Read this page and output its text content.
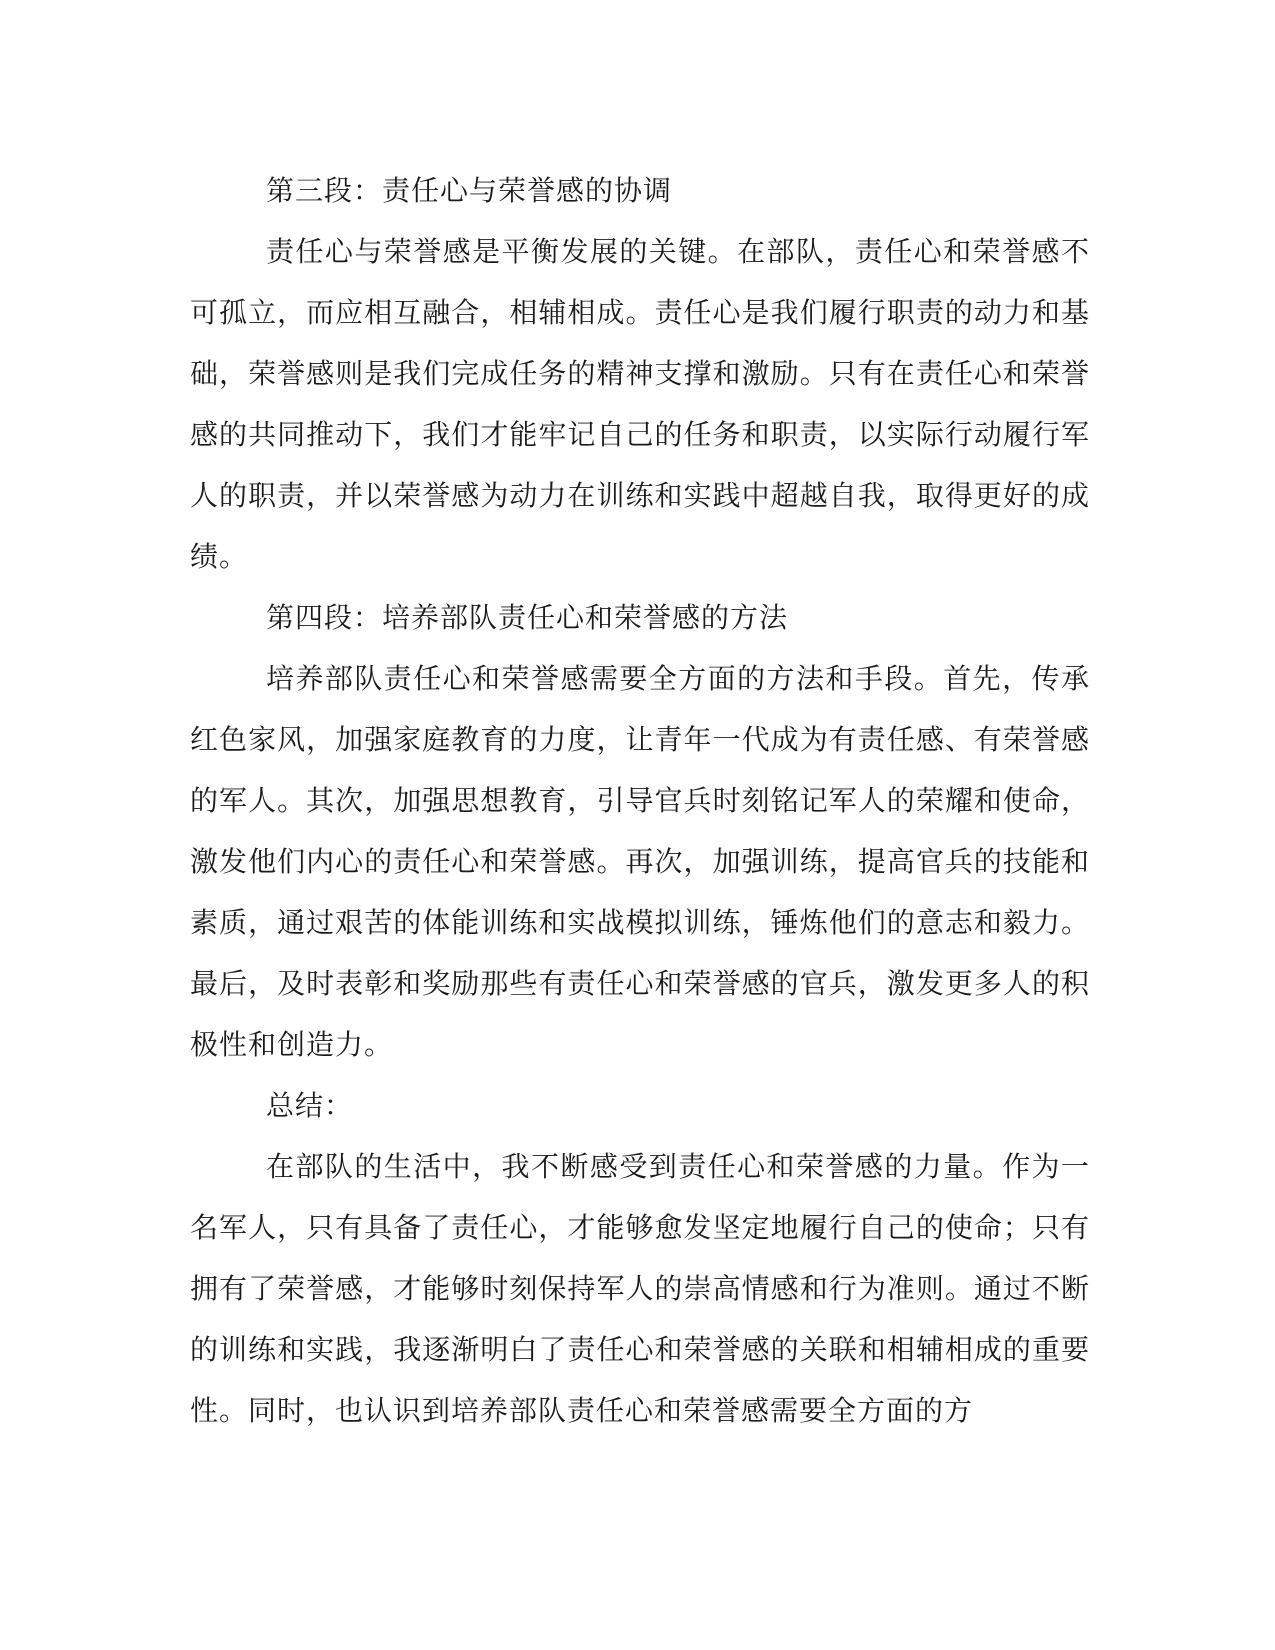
第三段：责任心与荣誉感的协调

责任心与荣誉感是平衡发展的关键。在部队，责任心和荣誉感不可孤立，而应相互融合，相辅相成。责任心是我们履行职责的动力和基础，荣誉感则是我们完成任务的精神支撑和激励。只有在责任心和荣誉感的共同推动下，我们才能牢记自己的任务和职责，以实际行动履行军人的职责，并以荣誉感为动力在训练和实践中超越自我，取得更好的成绩。

第四段：培养部队责任心和荣誉感的方法

培养部队责任心和荣誉感需要全方面的方法和手段。首先，传承红色家风，加强家庭教育的力度，让青年一代成为有责任感、有荣誉感的军人。其次，加强思想教育，引导官兵时刻铭记军人的荣耀和使命，激发他们内心的责任心和荣誉感。再次，加强训练，提高官兵的技能和素质，通过艰苦的体能训练和实战模拟训练，锤炼他们的意志和毅力。最后，及时表彰和奖励那些有责任心和荣誉感的官兵，激发更多人的积极性和创造力。

总结：

在部队的生活中，我不断感受到责任心和荣誉感的力量。作为一名军人，只有具备了责任心，才能够愈发坚定地履行自己的使命；只有拥有了荣誉感，才能够时刻保持军人的崇高情感和行为准则。通过不断的训练和实践，我逐渐明白了责任心和荣誉感的关联和相辅相成的重要性。同时，也认识到培养部队责任心和荣誉感需要全方面的方
